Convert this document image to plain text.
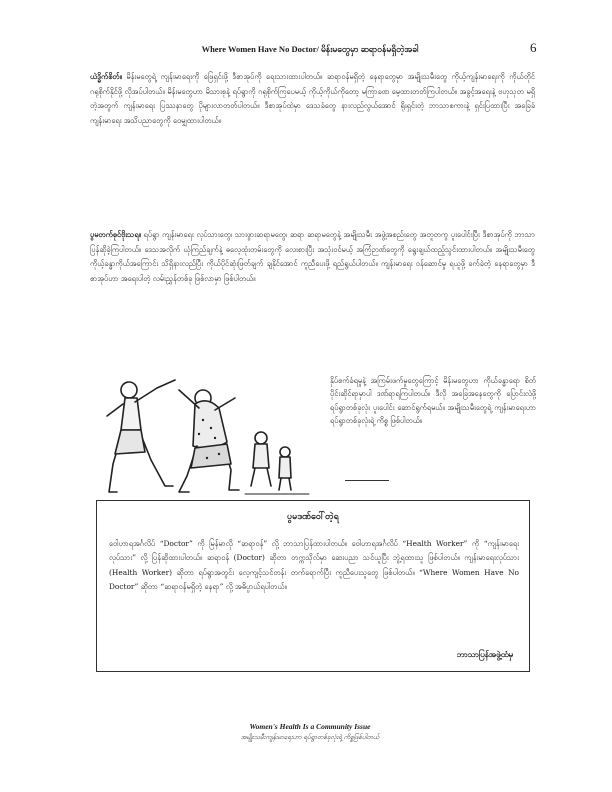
Where Women Have No Doctor/ မိန်းမတွေမှာ ဆရာဝန်မရှိတဲ့အခါ	6

ယဲဒ္ဓိက်စိတ်။ မိန်းမတွေရဲ့ ကျန်းမာရေးကို ဖြေရှင်းဖို့ ဒီစာအုပ်ကို ရေးသားထားပါတယ်။ ဆရာဝန်မရှိတဲ့ နေရာတွေမှာ အမျိုးသမီးတွေ ကိုယ့်ကျန်းမာရေးကို ကိုယ်တိုင် ဂရုစိုက်နိုင်ဖို့ လိုအပ်ပါတယ်။ မိန်းမတွေဟာ မိသားစုနဲ့ ရပ်ရွာကို ဂရုစိုက်ကြပေမယ့် ကိုယ့်ကိုယ်ကိုတော့ မကြာခဏ မေ့ထားတတ်ကြပါတယ်။ အခွင့်အရေးနဲ့ ဗဟုသုတ မရှိတဲ့အတွက် ကျန်းမာရေး ပြဿနာတွေ ပိုများလာတတ်ပါတယ်။ ဒီစာအုပ်ထဲမှာ ဒေသခံတွေ နားလည်လွယ်အောင် ရိုးရှင်းတဲ့ ဘာသာစကားနဲ့ ရှင်းပြထားပြီး အခြေခံ ကျန်းမာရေး အသိပညာတွေကို ဝေမျှထားပါတယ်။

ပွမတက်စုင်ဗိုးသရ။ ရပ်ရွာ ကျန်းမာရေး လုပ်သားတွေ၊ သားဖွားဆရာမတွေ၊ ဆရာ ဆရာမတွေနဲ့ အမျိုးသမီး အဖွဲ့အစည်းတွေ အတူတကွ ပူးပေါင်းပြီး ဒီစာအုပ်ကို ဘာသာပြန်ဆိုခဲ့ကြပါတယ်။ ဒေသအလိုက် ယုံကြည်ချက်နဲ့ ဓလေ့ထုံးတမ်းတွေကို လေးစားပြီး အသုံးဝင်မယ့် အကြံဉာဏ်တွေကို ရွေးချယ်ထည့်သွင်းထားပါတယ်။ အမျိုးသမီးတွေ ကိုယ့်ခန္ဓာကိုယ်အကြောင်း သိရှိနားလည်ပြီး ကိုယ်ပိုင်ဆုံးဖြတ်ချက် ချနိုင်အောင် ကူညီပေးဖို့ ရည်ရွယ်ပါတယ်။ ကျန်းမာရေး ဝန်ဆောင်မှု ရယူဖို့ ခက်ခဲတဲ့ နေရာတွေမှာ ဒီစာအုပ်ဟာ အရေးပါတဲ့ လမ်းညွှန်တစ်ခု ဖြစ်လာမှာ ဖြစ်ပါတယ်။

နှိပ်စက်ခံရမှုနဲ့ အကြမ်းဖက်မှုတွေကြောင့် မိန်းမတွေဟာ ကိုယ်ခန္ဓာရော စိတ်ပိုင်းဆိုင်ရာမှာပါ ဒဏ်ရာရကြပါတယ်။ ဒီလို အခြေအနေတွေကို ပြောင်းလဲဖို့ ရပ်ရွာတစ်ခုလုံး ပူးပေါင်း ဆောင်ရွက်ရမယ်။ အမျိုးသမီးတွေရဲ့ ကျန်းမာရေးဟာ ရပ်ရွာတစ်ခုလုံးရဲ့ ကိစ္စ ဖြစ်ပါတယ်။

ပွမဒဏ်ဝေါ်တဲ့ရ

ဝေါဟာရအင်္ဂလိပ် “Doctor” ကို မြန်မာလို “ဆရာဝန်” လို့ ဘာသာပြန်ထားပါတယ်။ ဝေါဟာရအင်္ဂလိပ် “Health Worker” ကို “ကျန်းမာရေးလုပ်သား” လို့ ပြန်ဆိုထားပါတယ်။ ဆရာဝန် (Doctor) ဆိုတာ တက္ကသိုလ်မှာ ဆေးပညာ သင်ယူပြီး ဘွဲ့ရထားသူ ဖြစ်ပါတယ်။ ကျန်းမာရေးလုပ်သား (Health Worker) ဆိုတာ ရပ်ရွာအတွင်း လေ့ကျင့်သင်တန်း တက်ရောက်ပြီး ကူညီပေးသူတွေ ဖြစ်ပါတယ်။ “Where Women Have No Doctor” ဆိုတာ “ဆရာဝန်မရှိတဲ့ နေရာ” လို့ အဓိပ္ပာယ်ရပါတယ်။

ဘာသာပြန်အဖွဲ့ထံမှ
Women's Health Is a Community Issue
အမျိုးသမီးကျန်းမာရေးဟာ ရပ်ရွာတစ်ခုလုံးရဲ့ ကိစ္စဖြစ်ပါတယ်
